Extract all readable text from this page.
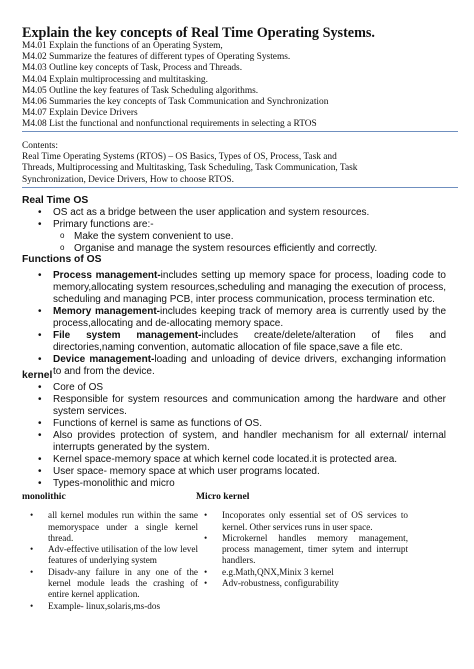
Explain the key concepts of Real Time Operating Systems.
M4.01 Explain the functions of an Operating System,
M4.02 Summarize the features of different types of Operating Systems.
M4.03 Outline key concepts of Task, Process and Threads.
M4.04 Explain multiprocessing and multitasking.
M4.05 Outline the key features of Task Scheduling algorithms.
M4.06 Summaries the key concepts of Task Communication and Synchronization
M4.07 Explain Device Drivers
M4.08 List the functional and nonfunctional requirements in selecting a RTOS
Contents:
Real Time Operating Systems (RTOS) – OS Basics, Types of OS, Process, Task and
Threads, Multiprocessing and Multitasking, Task Scheduling, Task Communication, Task
Synchronization, Device Drivers, How to choose RTOS.
Real Time OS
• OS act as a bridge between the user application and system resources.
• Primary functions are:-
o Make the system convenient to use.
o Organise and manage the system resources efficiently and correctly.
Functions of OS
• Process management-includes setting up memory space for process, loading code to memory,allocating system resources,scheduling and managing the execution of process, scheduling and managing PCB, inter process communication, process termination etc.
• Memory management-includes keeping track of memory area is currently used by the process,allocating and de-allocating memory space.
• File system management-includes create/delete/alteration of files and directories,naming convention, automatic allocation of file space,save a file etc.
• Device management-loading and unloading of device drivers, exchanging information to and from the device.
kernel
• Core of OS
• Responsible for system resources and communication among the hardware and other system services.
• Functions of kernel is same as functions of OS.
• Also provides protection of system, and handler mechanism for all external/ internal interrupts generated by the system.
• Kernel space-memory space at which kernel code located.it is protected area.
• User space- memory space at which user programs located.
• Types-monolithic and micro
monolithic
• all kernel modules run within the same memoryspace under a single kernel thread.
• Adv-effective utilisation of the low level features of underlying system
• Disadv-any failure in any one of the kernel module leads the crashing of entire kernel application.
• Example- linux,solaris,ms-dos
Micro kernel
• Incoporates only essential set of OS services to kernel. Other services runs in user space.
• Microkernel handles memory management, process management, timer sytem and interrupt handlers.
• e.g.Math,QNX,Minix 3 kernel
• Adv-robustness, configurability
